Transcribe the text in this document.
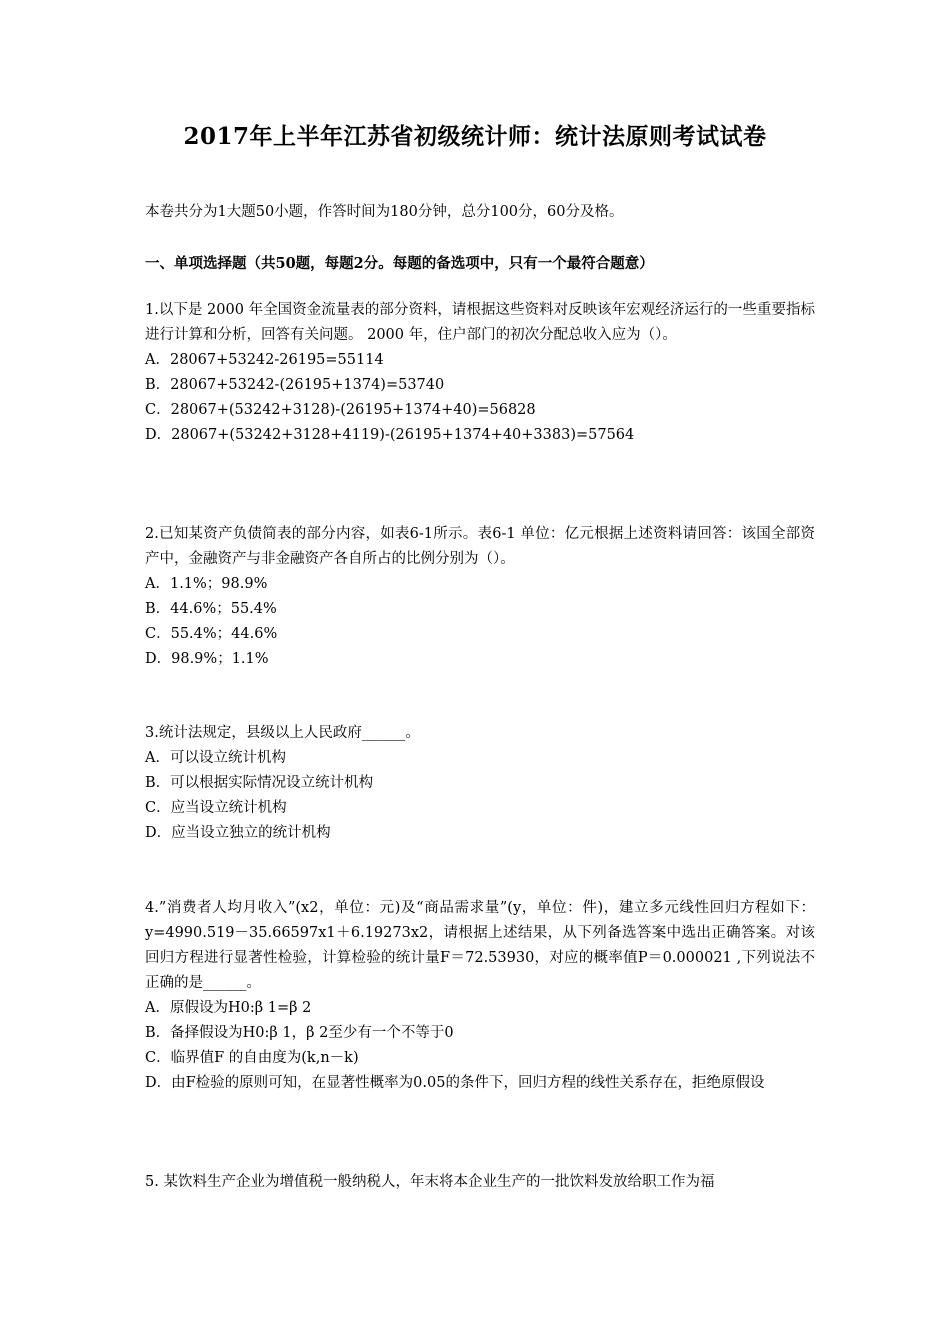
2017年上半年江苏省初级统计师：统计法原则考试试卷
本卷共分为1大题50小题，作答时间为180分钟，总分100分，60分及格。
一、单项选择题（共50题，每题2分。每题的备选项中，只有一个最符合题意）

1.以下是 2000 年全国资金流量表的部分资料，请根据这些资料对反映该年宏观经济运行的一些重要指标进行计算和分析，回答有关问题。 2000 年，住户部门的初次分配总收入应为（）。

A．28067+53242-26195=55114

B．28067+53242-(26195+1374)=53740

C．28067+(53242+3128)-(26195+1374+40)=56828

D．28067+(53242+3128+4119)-(26195+1374+40+3383)=57564

2.已知某资产负债简表的部分内容，如表6-1所示。表6-1 单位：亿元根据上述资料请回答：该国全部资产中，金融资产与非金融资产各自所占的比例分别为（）。

A．1.1%；98.9%

B．44.6%；55.4%

C．55.4%；44.6%

D．98.9%；1.1%

3.统计法规定，县级以上人民政府______。

A．可以设立统计机构

B．可以根据实际情况设立统计机构

C．应当设立统计机构

D．应当设立独立的统计机构

4.”消费者人均月收入”(x2，单位：元)及“商品需求量”(y，单位：件)，建立多元线性回归方程如下：y=4990.519－35.66597x1＋6.19273x2，请根据上述结果，从下列备选答案中选出正确答案。对该回归方程进行显著性检验，计算检验的统计量F＝72.53930，对应的概率值P＝0.000021 ,下列说法不正确的是______。

A．原假设为H0:β 1=β 2

B．备择假设为H0:β 1，β 2至少有一个不等于0

C．临界值F 的自由度为(k,n－k)

D．由F检验的原则可知，在显著性概率为0.05的条件下，回归方程的线性关系存在，拒绝原假设

5. 某饮料生产企业为增值税一般纳税人，年末将本企业生产的一批饮料发放给职工作为福
